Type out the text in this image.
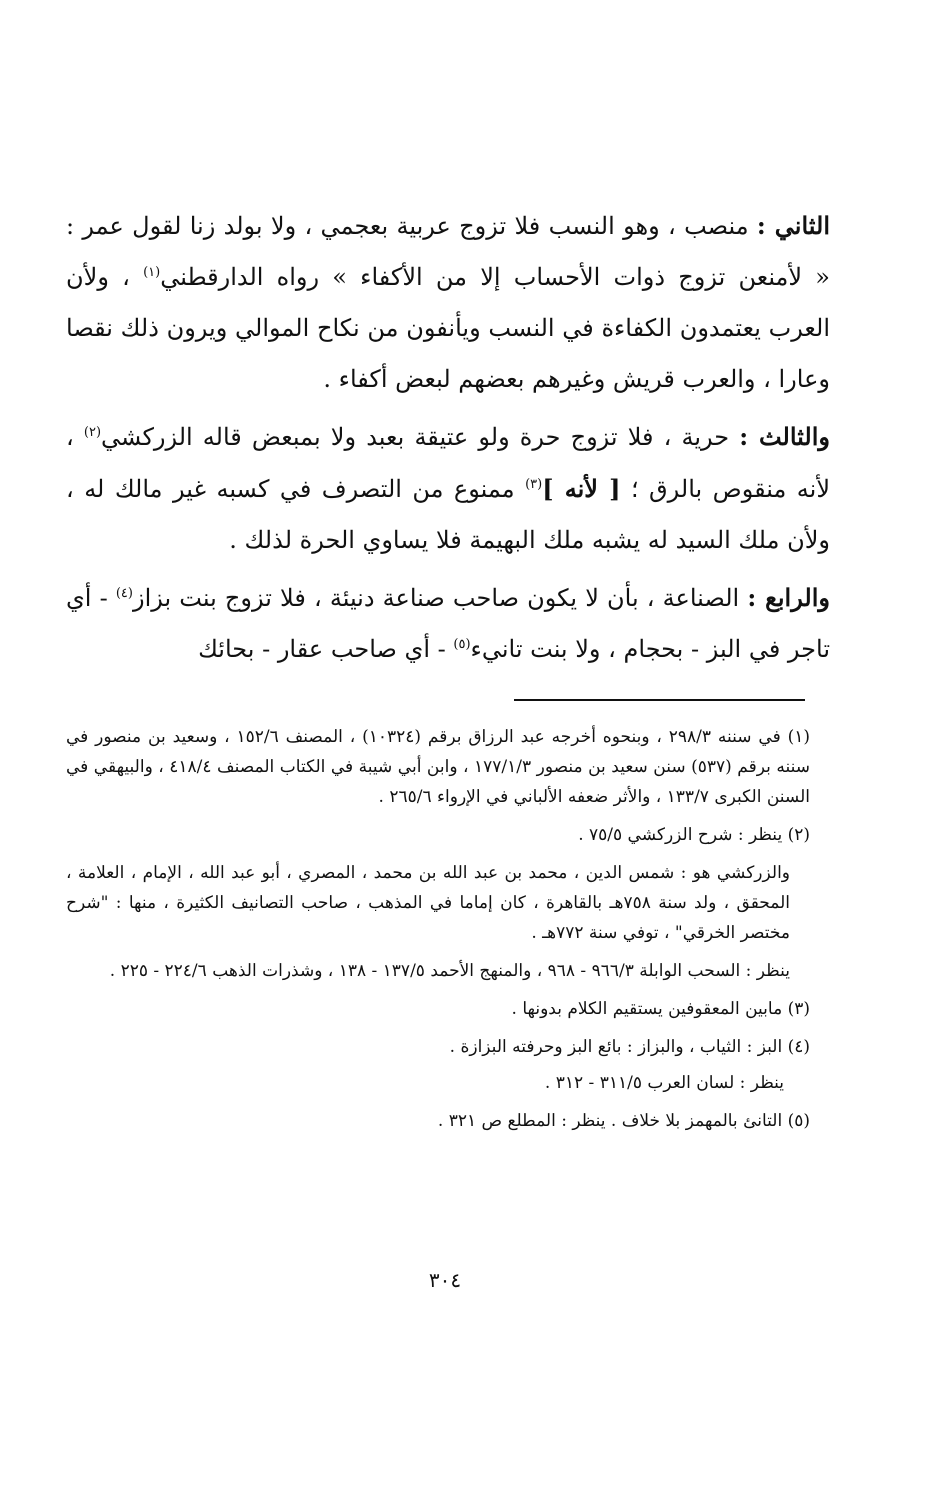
الثاني : منصب ، وهو النسب فلا تزوج عربية بعجمي ، ولا بولد زنا لقول عمر : « لأمنعن تزوج ذوات الأحساب إلا من الأكفاء » رواه الدارقطني$^{(١)}$ ، ولأن العرب يعتمدون الكفاءة في النسب ويأنفون من نكاح الموالي ويرون ذلك نقصا وعارا ، والعرب قريش وغيرهم بعضهم لبعض أكفاء .

والثالث : حرية ، فلا تزوج حرة ولو عتيقة بعبد ولا بمبعض قاله الزركشي$^{(٢)}$ ، لأنه منقوص بالرق ؛ [ لأنه ]$^{(٣)}$ ممنوع من التصرف في كسبه غير مالك له ، ولأن ملك السيد له يشبه ملك البهيمة فلا يساوي الحرة لذلك .

والرابع : الصناعة ، بأن لا يكون صاحب صناعة دنيئة ، فلا تزوج بنت بزاز$^{(٤)}$ - أي تاجر في البز - بحجام ، ولا بنت تانيء$^{(٥)}$ - أي صاحب عقار - بحائك

(١) في سننه ٢٩٨/٣ ، وبنحوه أخرجه عبد الرزاق برقم (١٠٣٢٤) ، المصنف ١٥٢/٦ ، وسعيد بن منصور في سننه برقم (٥٣٧) سنن سعيد بن منصور ١٧٧/١/٣ ، وابن أبي شيبة في الكتاب المصنف ٤١٨/٤ ، والبيهقي في السنن الكبرى ١٣٣/٧ ، والأثر ضعفه الألباني في الإرواء ٢٦٥/٦ .

(٢) ينظر : شرح الزركشي ٧٥/٥ .

والزركشي هو : شمس الدين ، محمد بن عبد الله بن محمد ، المصري ، أبو عبد الله ، الإمام ، العلامة ، المحقق ، ولد سنة ٧٥٨هـ بالقاهرة ، كان إماما في المذهب ، صاحب التصانيف الكثيرة ، منها : "شرح مختصر الخرقي" ، توفي سنة ٧٧٢هـ .

ينظر : السحب الوابلة ٩٦٦/٣ - ٩٦٨ ، والمنهج الأحمد ١٣٧/٥ - ١٣٨ ، وشذرات الذهب ٢٢٤/٦ - ٢٢٥ .

(٣) مابين المعقوفين يستقيم الكلام بدونها .

(٤) البز : الثياب ، والبزاز : بائع البز وحرفته البزازة .

ينظر : لسان العرب ٣١١/٥ - ٣١٢ .

(٥) التانئ بالمهمز بلا خلاف . ينظر : المطلع ص ٣٢١ .

٣٠٤
